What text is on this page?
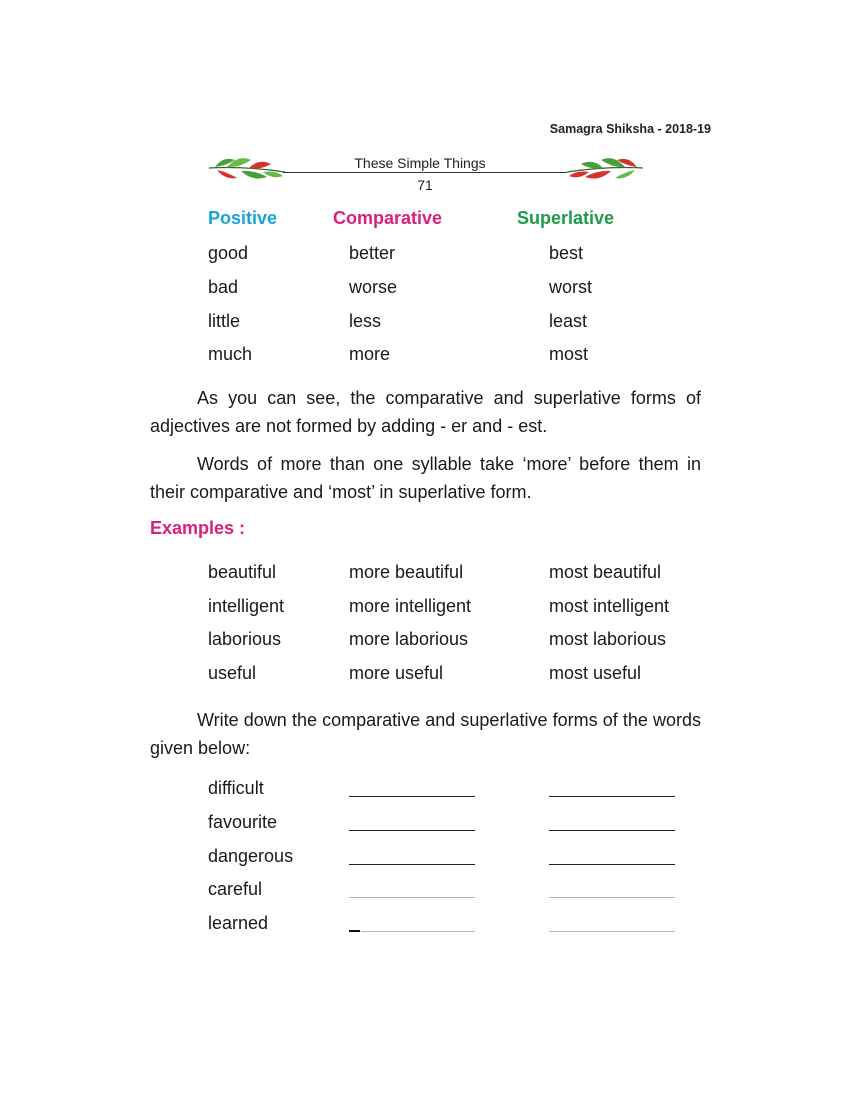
Samagra Shiksha - 2018-19
These Simple Things
71
Positive	Comparative	Superlative
good	better	best
bad	worse	worst
little	less	least
much	more	most

As you can see, the comparative and superlative forms of adjectives are not formed by adding - er and - est.

Words of more than one syllable take ‘more’ before them in their comparative and ‘most’ in superlative form.

Examples :
beautiful	more beautiful	most beautiful
intelligent	more intelligent	most intelligent
laborious	more laborious	most laborious
useful	more useful	most useful

Write down the comparative and superlative forms of the words given below:

difficult
favourite
dangerous
careful
learned
